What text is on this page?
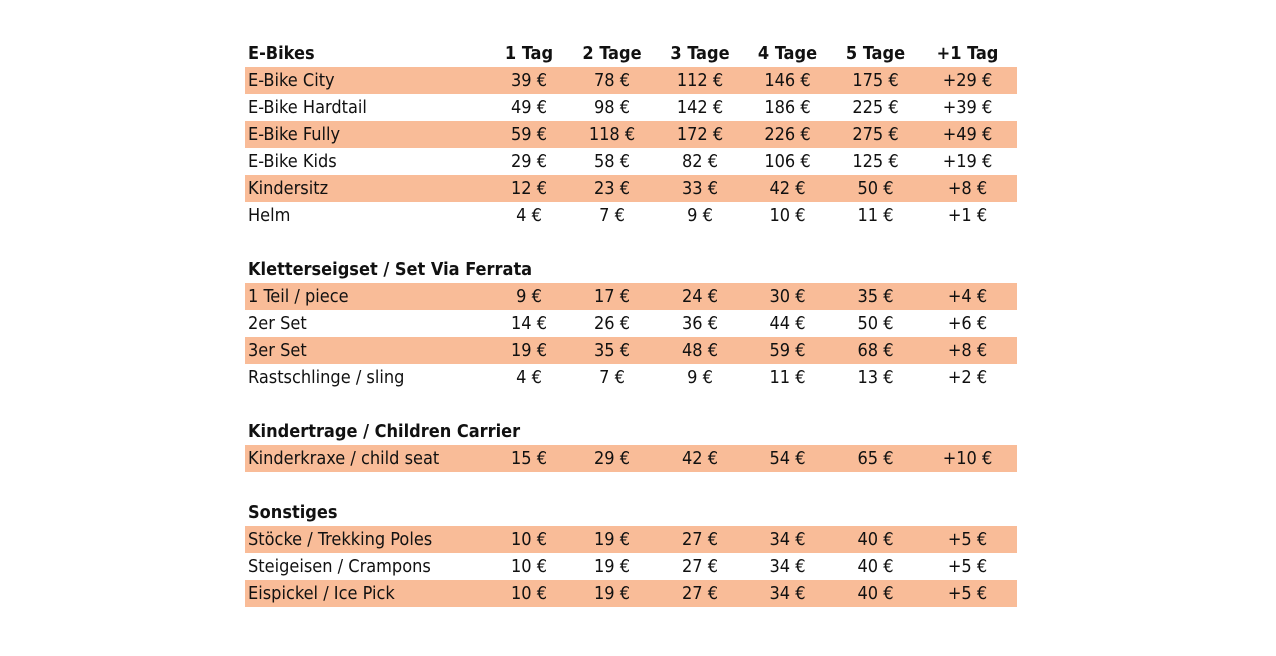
E-Bikes	1 Tag	2 Tage	3 Tage	4 Tage	5 Tage	+1 Tag
E-Bike City	39 €	78 €	112 €	146 €	175 €	+29 €
E-Bike Hardtail	49 €	98 €	142 €	186 €	225 €	+39 €
E-Bike Fully	59 €	118 €	172 €	226 €	275 €	+49 €
E-Bike Kids	29 €	58 €	82 €	106 €	125 €	+19 €
Kindersitz	12 €	23 €	33 €	42 €	50 €	+8 €
Helm	4 €	7 €	9 €	10 €	11 €	+1 €
Kletterseigset / Set Via Ferrata
1 Teil / piece	9 €	17 €	24 €	30 €	35 €	+4 €
2er Set	14 €	26 €	36 €	44 €	50 €	+6 €
3er Set	19 €	35 €	48 €	59 €	68 €	+8 €
Rastschlinge / sling	4 €	7 €	9 €	11 €	13 €	+2 €
Kindertrage / Children Carrier
Kinderkraxe / child seat	15 €	29 €	42 €	54 €	65 €	+10 €
Sonstiges
Stöcke / Trekking Poles	10 €	19 €	27 €	34 €	40 €	+5 €
Steigeisen / Crampons	10 €	19 €	27 €	34 €	40 €	+5 €
Eispickel / Ice Pick	10 €	19 €	27 €	34 €	40 €	+5 €
